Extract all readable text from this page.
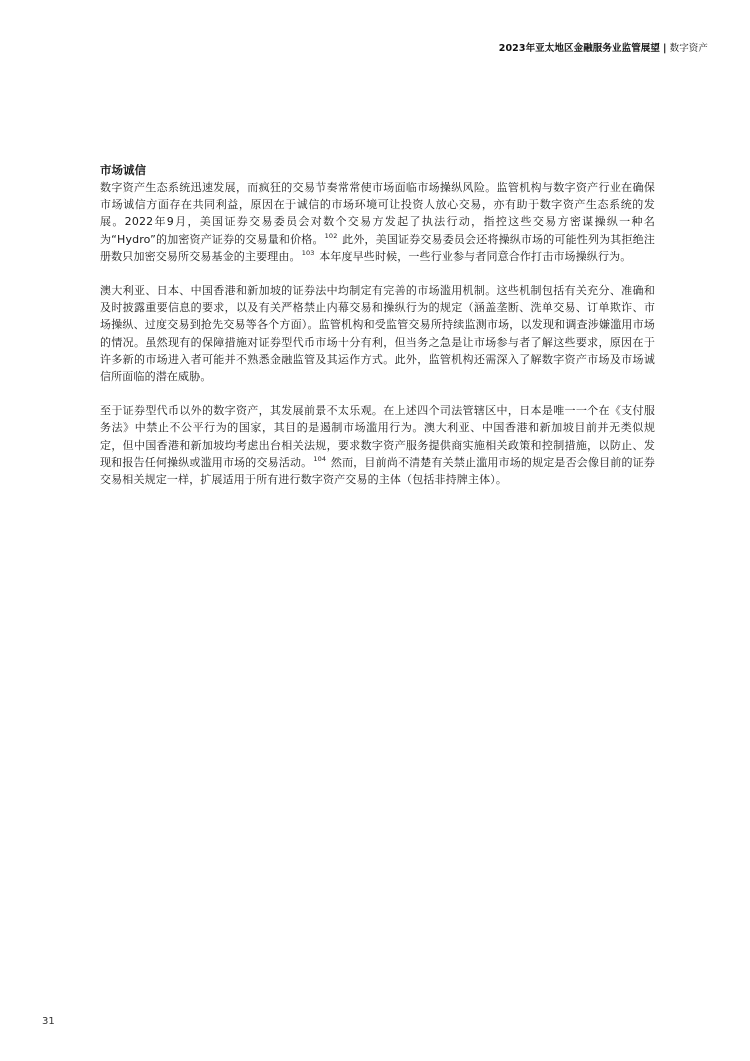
2023年亚太地区金融服务业监管展望 | 数字资产

市场诚信

数字资产生态系统迅速发展，而疯狂的交易节奏常常使市场面临市场操纵风险。监管机构与数字资产行业在确保市场诚信方面存在共同利益，原因在于诚信的市场环境可让投资人放心交易，亦有助于数字资产生态系统的发展。2022年9月，美国证券交易委员会对数个交易方发起了执法行动，指控这些交易方密谋操纵一种名为“Hydro”的加密资产证券的交易量和价格。$^{102}$ 此外，美国证券交易委员会还将操纵市场的可能性列为其拒绝注册数只加密交易所交易基金的主要理由。$^{103}$ 本年度早些时候，一些行业参与者同意合作打击市场操纵行为。

澳大利亚、日本、中国香港和新加坡的证券法中均制定有完善的市场滥用机制。这些机制包括有关充分、准确和及时披露重要信息的要求，以及有关严格禁止内幕交易和操纵行为的规定（涵盖垄断、洗单交易、订单欺诈、市场操纵、过度交易到抢先交易等各个方面）。监管机构和受监管交易所持续监测市场，以发现和调查涉嫌滥用市场的情况。虽然现有的保障措施对证券型代币市场十分有利，但当务之急是让市场参与者了解这些要求，原因在于许多新的市场进入者可能并不熟悉金融监管及其运作方式。此外，监管机构还需深入了解数字资产市场及市场诚信所面临的潜在威胁。

至于证券型代币以外的数字资产，其发展前景不太乐观。在上述四个司法管辖区中，日本是唯一一个在《支付服务法》中禁止不公平行为的国家，其目的是遏制市场滥用行为。澳大利亚、中国香港和新加坡目前并无类似规定，但中国香港和新加坡均考虑出台相关法规，要求数字资产服务提供商实施相关政策和控制措施，以防止、发现和报告任何操纵或滥用市场的交易活动。$^{104}$ 然而，目前尚不清楚有关禁止滥用市场的规定是否会像目前的证券交易相关规定一样，扩展适用于所有进行数字资产交易的主体（包括非持牌主体）。

31
